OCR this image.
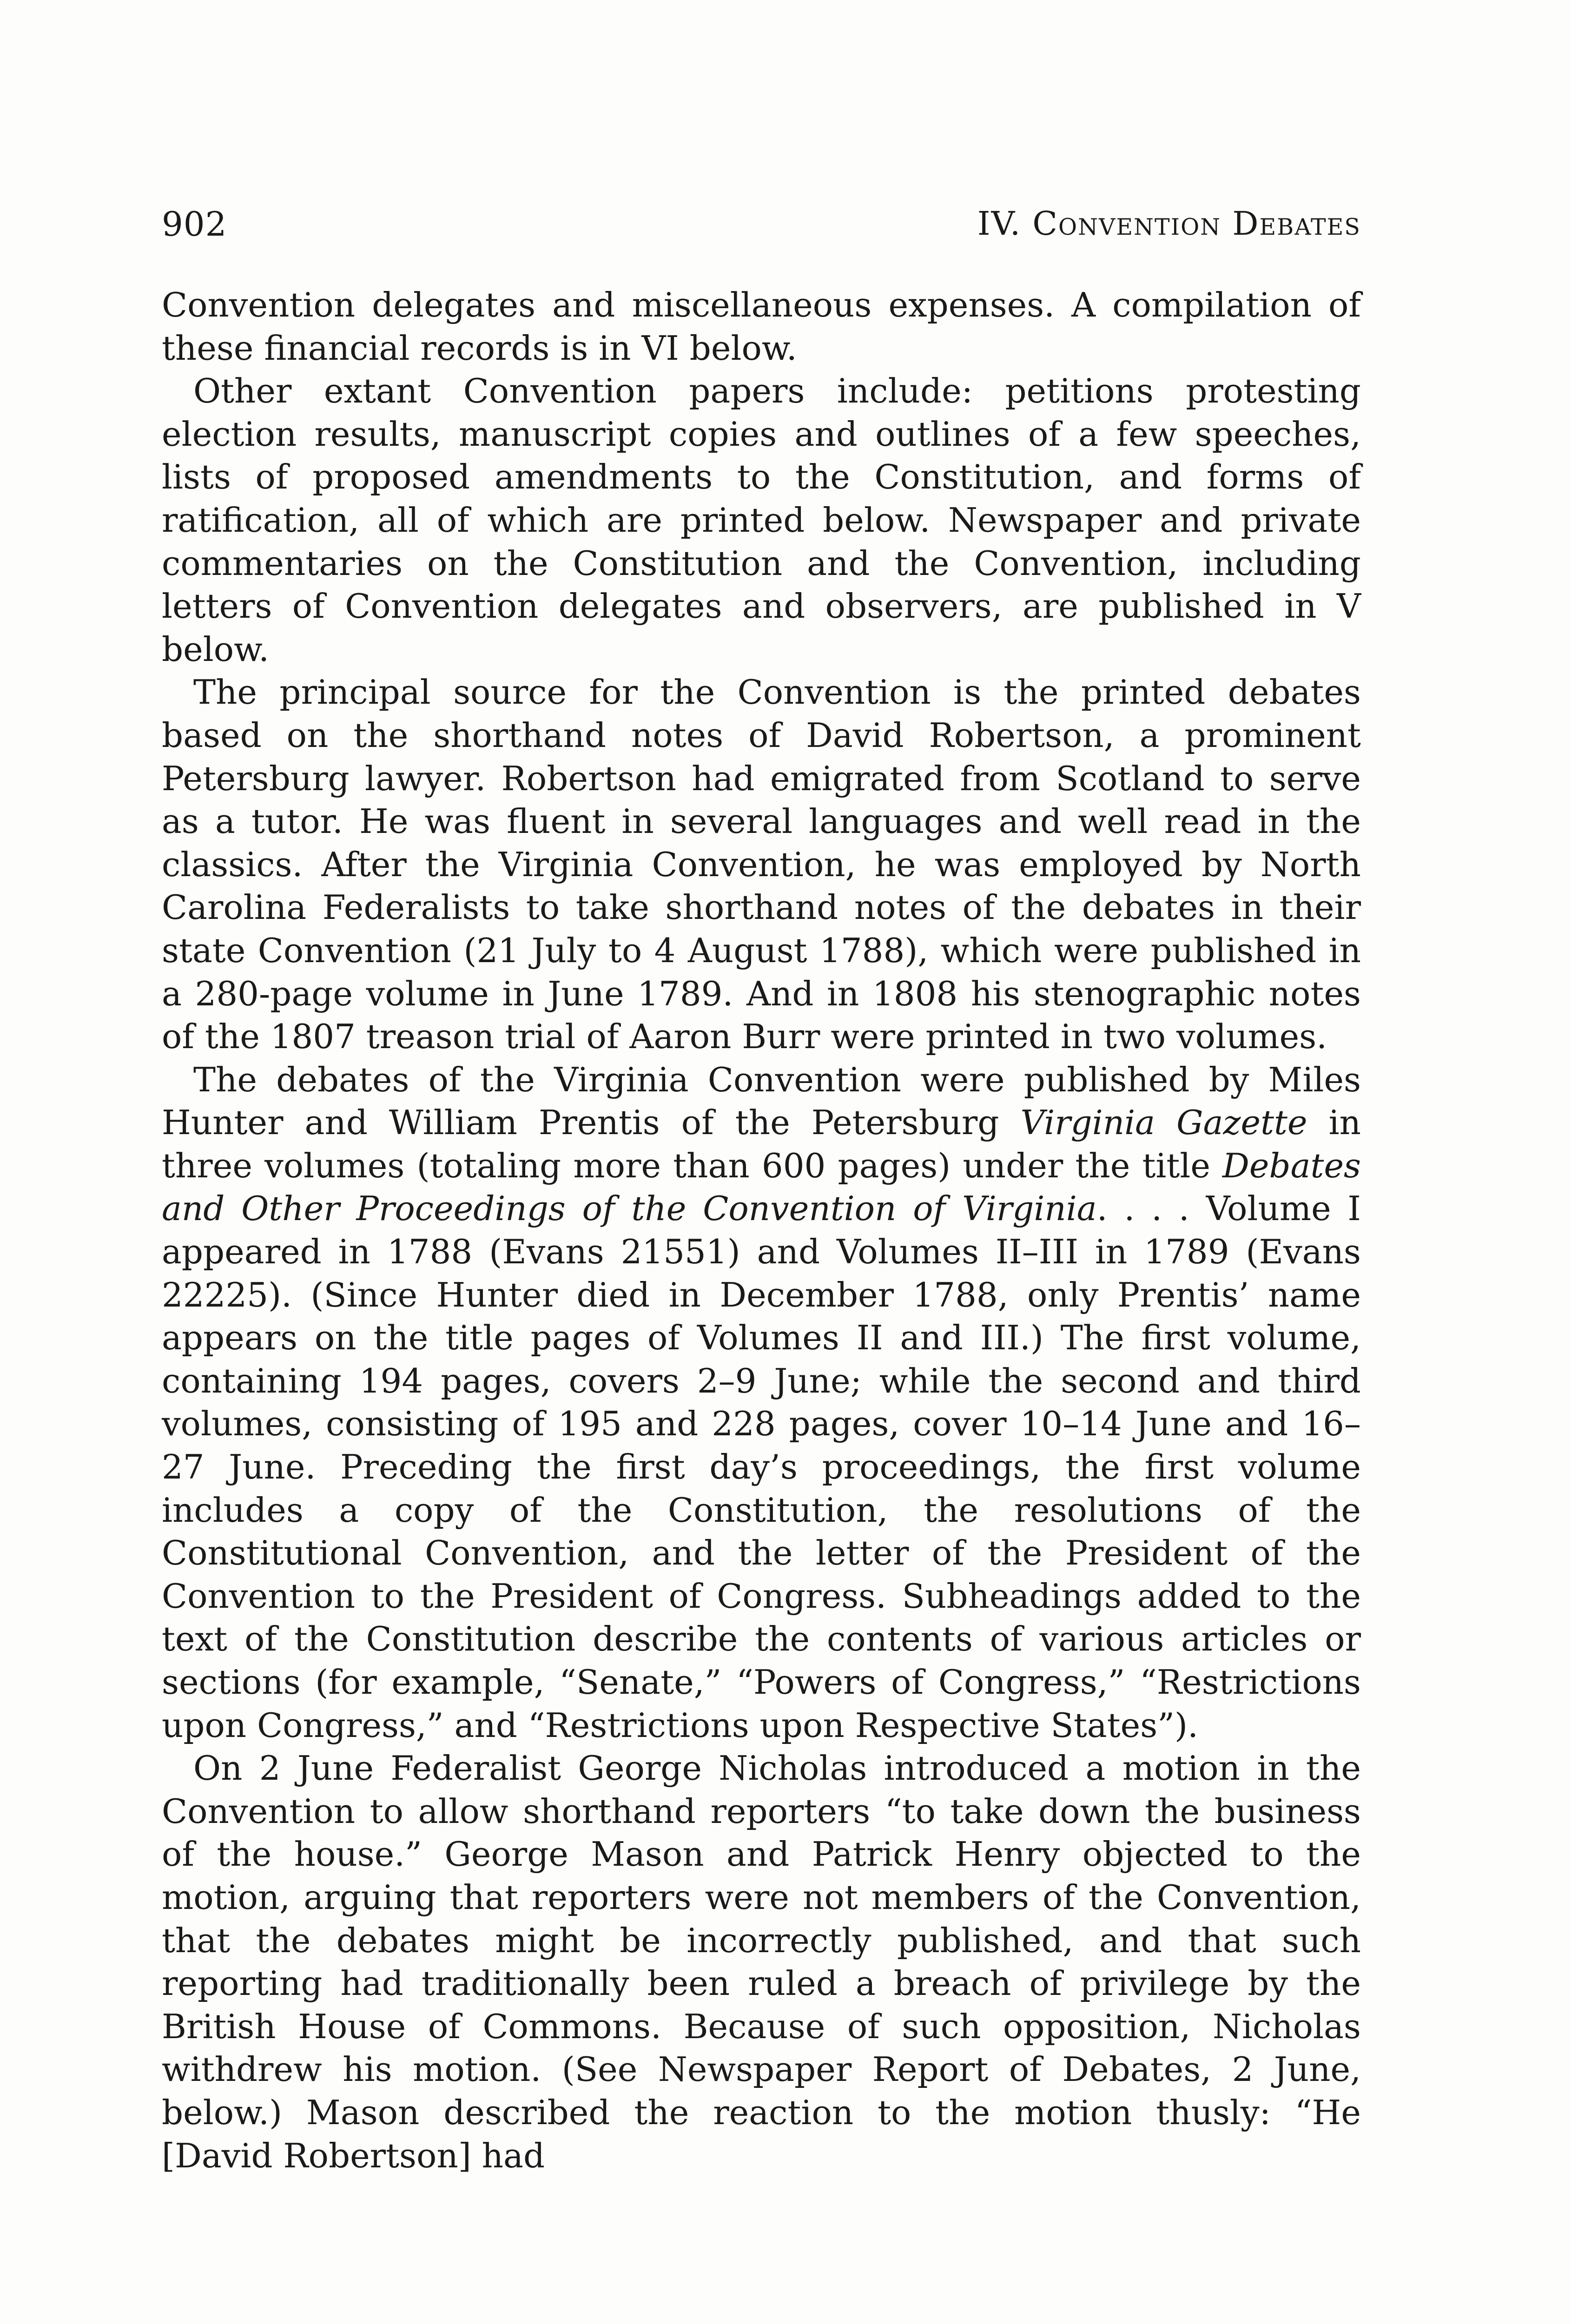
902	IV. Convention Debates

Convention delegates and miscellaneous expenses. A compilation of these financial records is in VI below.

Other extant Convention papers include: petitions protesting election results, manuscript copies and outlines of a few speeches, lists of proposed amendments to the Constitution, and forms of ratification, all of which are printed below. Newspaper and private commentaries on the Constitution and the Convention, including letters of Convention delegates and observers, are published in V below.

The principal source for the Convention is the printed debates based on the shorthand notes of David Robertson, a prominent Petersburg lawyer. Robertson had emigrated from Scotland to serve as a tutor. He was fluent in several languages and well read in the classics. After the Virginia Convention, he was employed by North Carolina Federalists to take shorthand notes of the debates in their state Convention (21 July to 4 August 1788), which were published in a 280-page volume in June 1789. And in 1808 his stenographic notes of the 1807 treason trial of Aaron Burr were printed in two volumes.

The debates of the Virginia Convention were published by Miles Hunter and William Prentis of the Petersburg Virginia Gazette in three volumes (totaling more than 600 pages) under the title Debates and Other Proceedings of the Convention of Virginia. . . . Volume I appeared in 1788 (Evans 21551) and Volumes II–III in 1789 (Evans 22225). (Since Hunter died in December 1788, only Prentis’ name appears on the title pages of Volumes II and III.) The first volume, containing 194 pages, covers 2–9 June; while the second and third volumes, consisting of 195 and 228 pages, cover 10–14 June and 16–27 June. Preceding the first day’s proceedings, the first volume includes a copy of the Constitution, the resolutions of the Constitutional Convention, and the letter of the President of the Convention to the President of Congress. Subheadings added to the text of the Constitution describe the contents of various articles or sections (for example, “Senate,” “Powers of Congress,” “Restrictions upon Congress,” and “Restrictions upon Respective States”).

On 2 June Federalist George Nicholas introduced a motion in the Convention to allow shorthand reporters “to take down the business of the house.” George Mason and Patrick Henry objected to the motion, arguing that reporters were not members of the Convention, that the debates might be incorrectly published, and that such reporting had traditionally been ruled a breach of privilege by the British House of Commons. Because of such opposition, Nicholas withdrew his motion. (See Newspaper Report of Debates, 2 June, below.) Mason described the reaction to the motion thusly: “He [David Robertson] had
